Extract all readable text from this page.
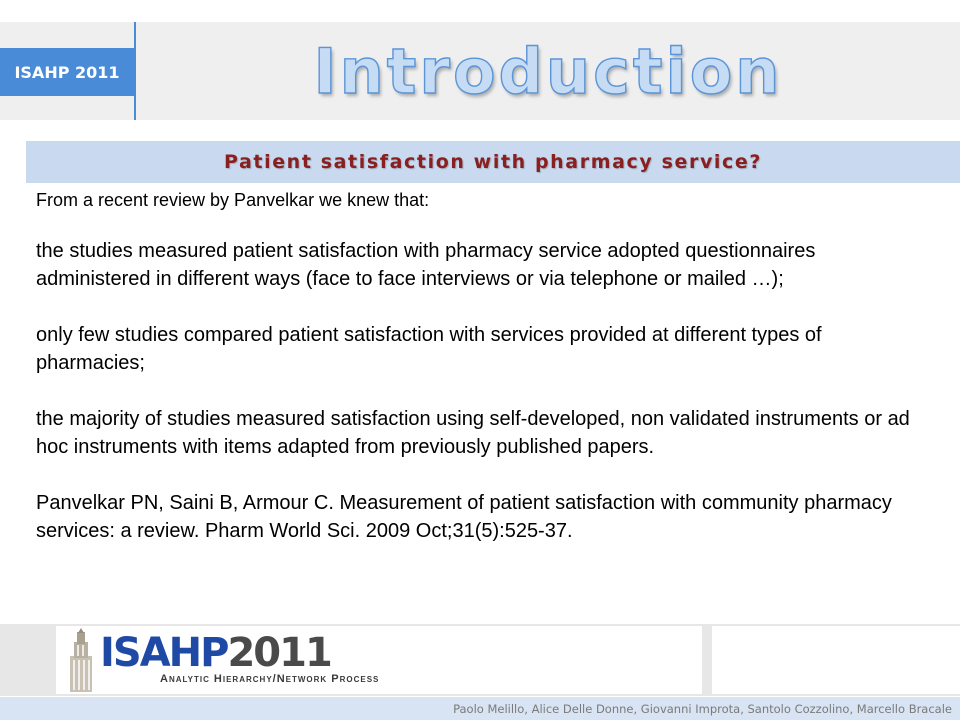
ISAHP 2011	Introduction
Patient satisfaction with pharmacy service?

From a recent review by Panvelkar we knew that:

the studies measured patient satisfaction with pharmacy service adopted questionnaires administered in different ways (face to face interviews or via telephone or mailed …);

only few studies compared patient satisfaction with services provided at different types of pharmacies;

the majority of studies measured satisfaction using self-developed, non validated instruments or ad hoc instruments with items adapted from previously published papers.

Panvelkar PN, Saini B, Armour C. Measurement of patient satisfaction with community pharmacy services: a review. Pharm World Sci. 2009 Oct;31(5):525-37.

ISAHP 2011
Analytic Hierarchy/Network Process
Paolo Melillo, Alice Delle Donne, Giovanni Improta, Santolo Cozzolino, Marcello Bracale
